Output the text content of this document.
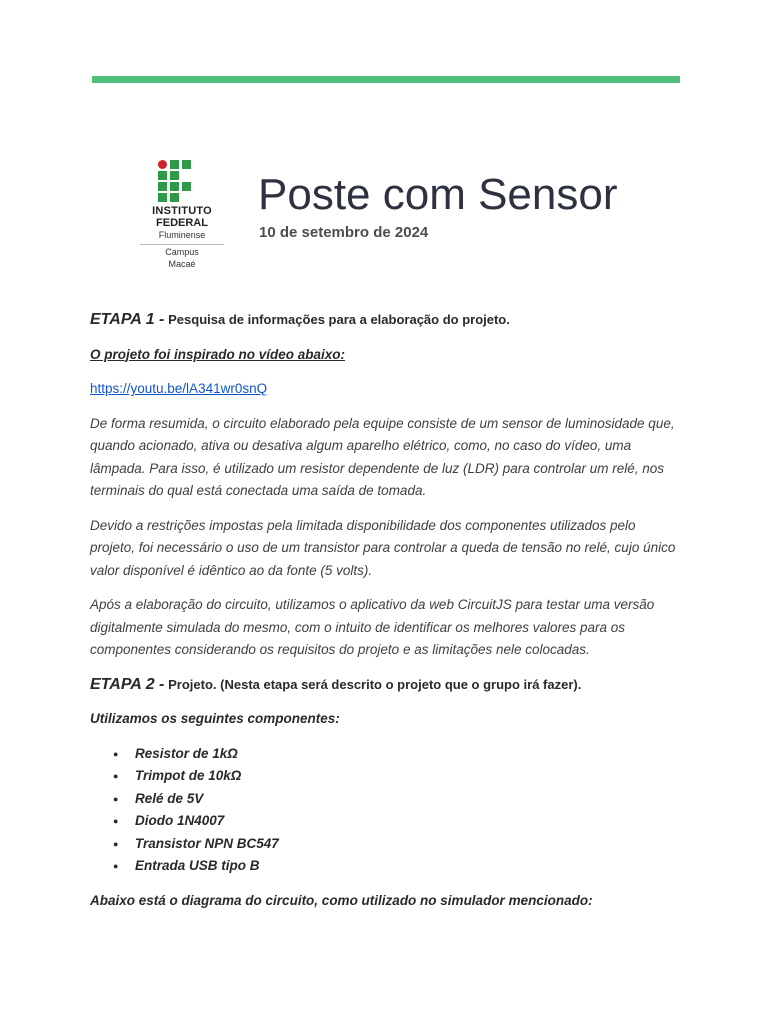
INSTITUTO
FEDERAL
Fluminense
Campus
Macaé
Poste com Sensor
10 de setembro de 2024

ETAPA 1 - Pesquisa de informações para a elaboração do projeto.

O projeto foi inspirado no vídeo abaixo:

https://youtu.be/lA341wr0snQ

De forma resumida, o circuito elaborado pela equipe consiste de um sensor de luminosidade que, quando acionado, ativa ou desativa algum aparelho elétrico, como, no caso do vídeo, uma lâmpada. Para isso, é utilizado um resistor dependente de luz (LDR) para controlar um relé, nos terminais do qual está conectada uma saída de tomada.

Devido a restrições impostas pela limitada disponibilidade dos componentes utilizados pelo projeto, foi necessário o uso de um transistor para controlar a queda de tensão no relé, cujo único valor disponível é idêntico ao da fonte (5 volts).

Após a elaboração do circuito, utilizamos o aplicativo da web CircuitJS para testar uma versão digitalmente simulada do mesmo, com o intuito de identificar os melhores valores para os componentes considerando os requisitos do projeto e as limitações nele colocadas.

ETAPA 2 - Projeto. (Nesta etapa será descrito o projeto que o grupo irá fazer).

Utilizamos os seguintes componentes:

● Resistor de 1kΩ
● Trimpot de 10kΩ
● Relé de 5V
● Diodo 1N4007
● Transistor NPN BC547
● Entrada USB tipo B

Abaixo está o diagrama do circuito, como utilizado no simulador mencionado:
